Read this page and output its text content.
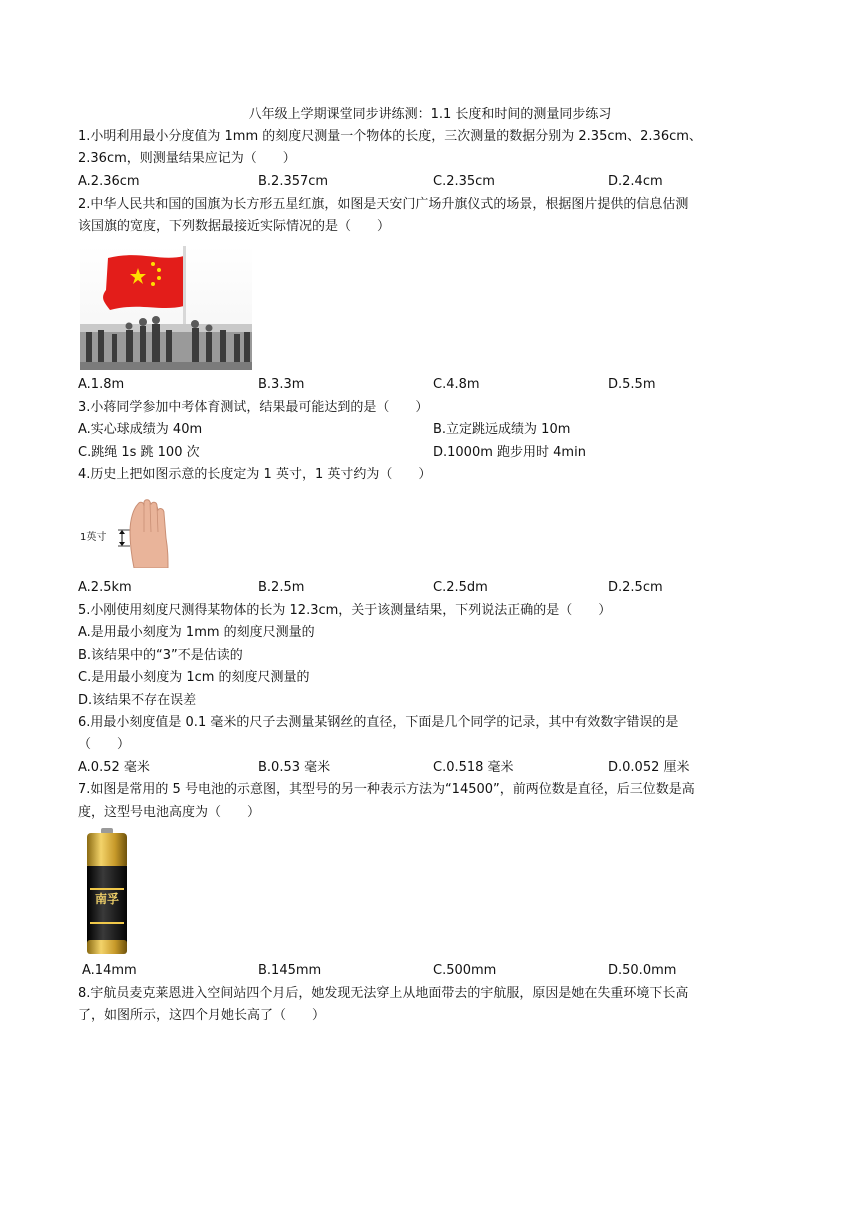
八年级上学期课堂同步讲练测：1.1 长度和时间的测量同步练习
1.小明利用最小分度值为 1mm 的刻度尺测量一个物体的长度，三次测量的数据分别为 2.35cm、2.36cm、
2.36cm，则测量结果应记为（　　）
A.2.36cm	B.2.357cm	C.2.35cm	D.2.4cm
2.中华人民共和国的国旗为长方形五星红旗，如图是天安门广场升旗仪式的场景，根据图片提供的信息估测
该国旗的宽度，下列数据最接近实际情况的是（　　）
A.1.8m	B.3.3m	C.4.8m	D.5.5m
3.小蒋同学参加中考体育测试，结果最可能达到的是（　　）
A.实心球成绩为 40m	B.立定跳远成绩为 10m
C.跳绳 1s 跳 100 次	D.1000m 跑步用时 4min
4.历史上把如图示意的长度定为 1 英寸，1 英寸约为（　　）
1英寸
A.2.5km	B.2.5m	C.2.5dm	D.2.5cm
5.小刚使用刻度尺测得某物体的长为 12.3cm，关于该测量结果，下列说法正确的是（　　）
A.是用最小刻度为 1mm 的刻度尺测量的
B.该结果中的“3”不是估读的
C.是用最小刻度为 1cm 的刻度尺测量的
D.该结果不存在误差
6.用最小刻度值是 0.1 毫米的尺子去测量某钢丝的直径，下面是几个同学的记录，其中有效数字错误的是
（　　）
A.0.52 毫米	B.0.53 毫米	C.0.518 毫米	D.0.052 厘米
7.如图是常用的 5 号电池的示意图，其型号的另一种表示方法为“14500”，前两位数是直径，后三位数是高
度，这型号电池高度为（　　）
南孚
A.14mm	B.145mm	C.500mm	D.50.0mm
8.宇航员麦克莱恩进入空间站四个月后，她发现无法穿上从地面带去的宇航服，原因是她在失重环境下长高
了，如图所示，这四个月她长高了（　　）
